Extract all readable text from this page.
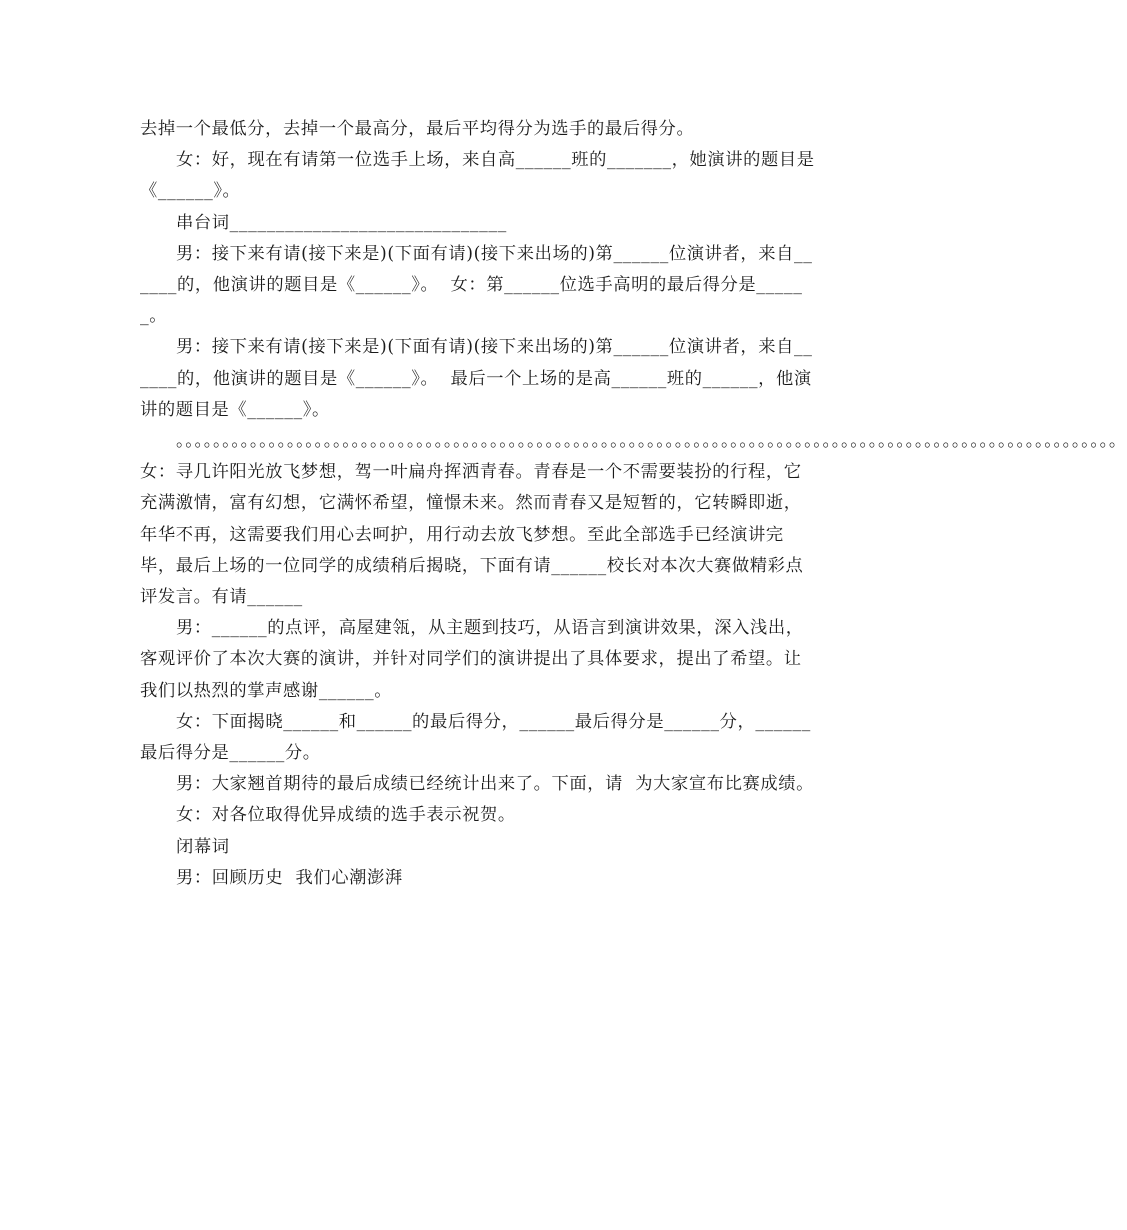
去掉一个最低分，去掉一个最高分，最后平均得分为选手的最后得分。

女：好，现在有请第一位选手上场，来自高______班的_______，她演讲的题目是《______》。

串台词______________________________

男：接下来有请(接下来是)(下面有请)(接下来出场的)第______位演讲者，来自______的，他演讲的题目是《______》。  女：第______位选手高明的最后得分是______。

男：接下来有请(接下来是)(下面有请)(接下来出场的)第______位演讲者，来自______的，他演讲的题目是《______》。  最后一个上场的是高______班的______，他演讲的题目是《______》。

。。。。。。。。。。。。。。。。。。。。。。。。。。。。。。。。。。。。。。。。。。。。。。。。。。。。。。。。。。。。。。。。。。。。。。。。。。。。。。。。。。。。。。。。。。。。。。。。。。。。。。  女：寻几许阳光放飞梦想，驾一叶扁舟挥洒青春。青春是一个不需要装扮的行程，它充满激情，富有幻想，它满怀希望，憧憬未来。然而青春又是短暂的，它转瞬即逝，年华不再，这需要我们用心去呵护，用行动去放飞梦想。至此全部选手已经演讲完毕，最后上场的一位同学的成绩稍后揭晓，下面有请______校长对本次大赛做精彩点评发言。有请______

男：______的点评，高屋建瓴，从主题到技巧，从语言到演讲效果，深入浅出，客观评价了本次大赛的演讲，并针对同学们的演讲提出了具体要求，提出了希望。让我们以热烈的掌声感谢______。

女：下面揭晓______和______的最后得分，______最后得分是______分，______最后得分是______分。

男：大家翘首期待的最后成绩已经统计出来了。下面，请  为大家宣布比赛成绩。

女：对各位取得优异成绩的选手表示祝贺。

闭幕词

男：回顾历史  我们心潮澎湃
